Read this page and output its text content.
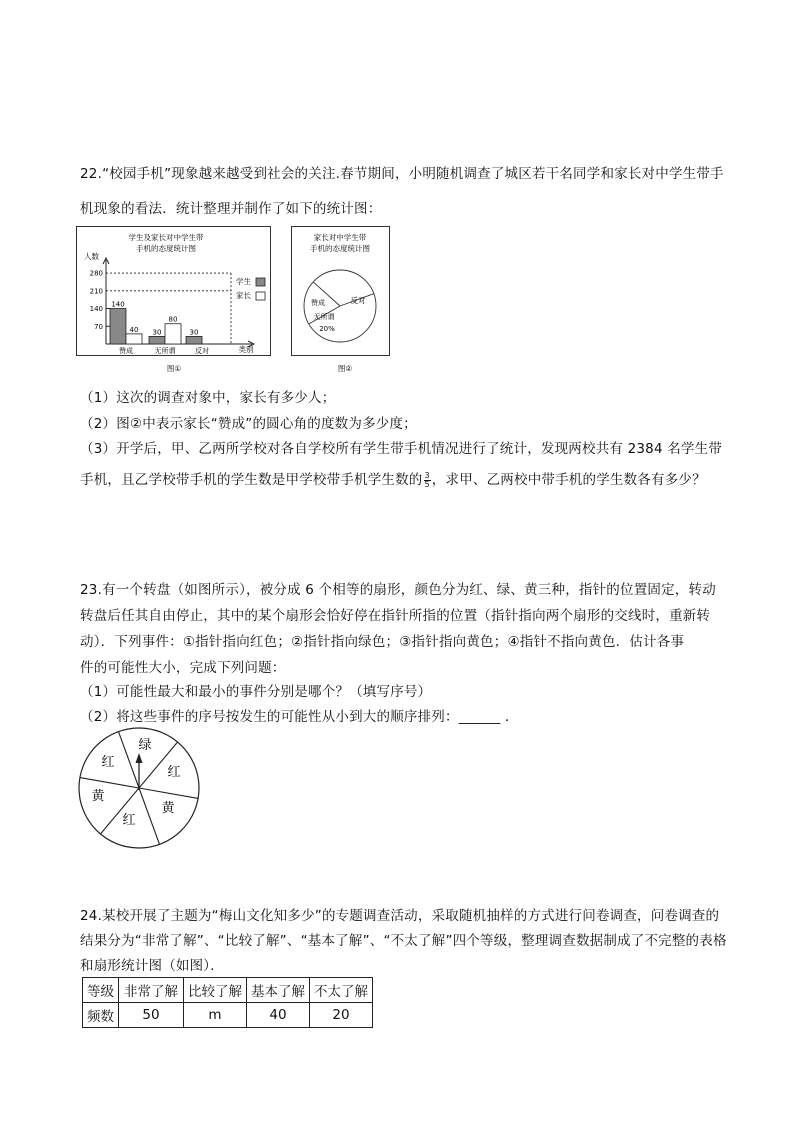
22.“校园手机”现象越来越受到社会的关注.春节期间，小明随机调查了城区若干名同学和家长对中学生带手
机现象的看法．统计整理并制作了如下的统计图：
学生及家长对中学生带
手机的态度统计图
人数
70
140
210
280
赞成
140
40
无所谓
30
80
反对
30
学生
家长
类别
图①
家长对中学生带
手机的态度统计图
反对
赞成
无所谓
20%
图②
（1）这次的调查对象中，家长有多少人；
（2）图②中表示家长“赞成”的圆心角的度数为多少度；
（3）开学后，甲、乙两所学校对各自学校所有学生带手机情况进行了统计，发现两校共有 2384 名学生带
手机，且乙学校带手机的学生数是甲学校带手机学生数的 $\frac{3}{5}$ ，求甲、乙两校中带手机的学生数各有多少？
23.有一个转盘（如图所示），被分成 6 个相等的扇形，颜色分为红、绿、黄三种，指针的位置固定，转动
转盘后任其自由停止，其中的某个扇形会恰好停在指针所指的位置（指针指向两个扇形的交线时，重新转
动）．下列事件：①指针指向红色；②指针指向绿色；③指针指向黄色；④指针不指向黄色．估计各事
件的可能性大小，完成下列问题：
（1）可能性最大和最小的事件分别是哪个？（填写序号）
（2）将这些事件的序号按发生的可能性从小到大的顺序排列：______ ．
绿
红
黄
红
黄
红
24.某校开展了主题为“梅山文化知多少”的专题调查活动，采取随机抽样的方式进行问卷调查，问卷调查的
结果分为“非常了解”、“比较了解”、“基本了解”、“不太了解”四个等级，整理调查数据制成了不完整的表格
和扇形统计图（如图）．
等级	非常了解	比较了解	基本了解	不太了解
频数	50	m	40	20
